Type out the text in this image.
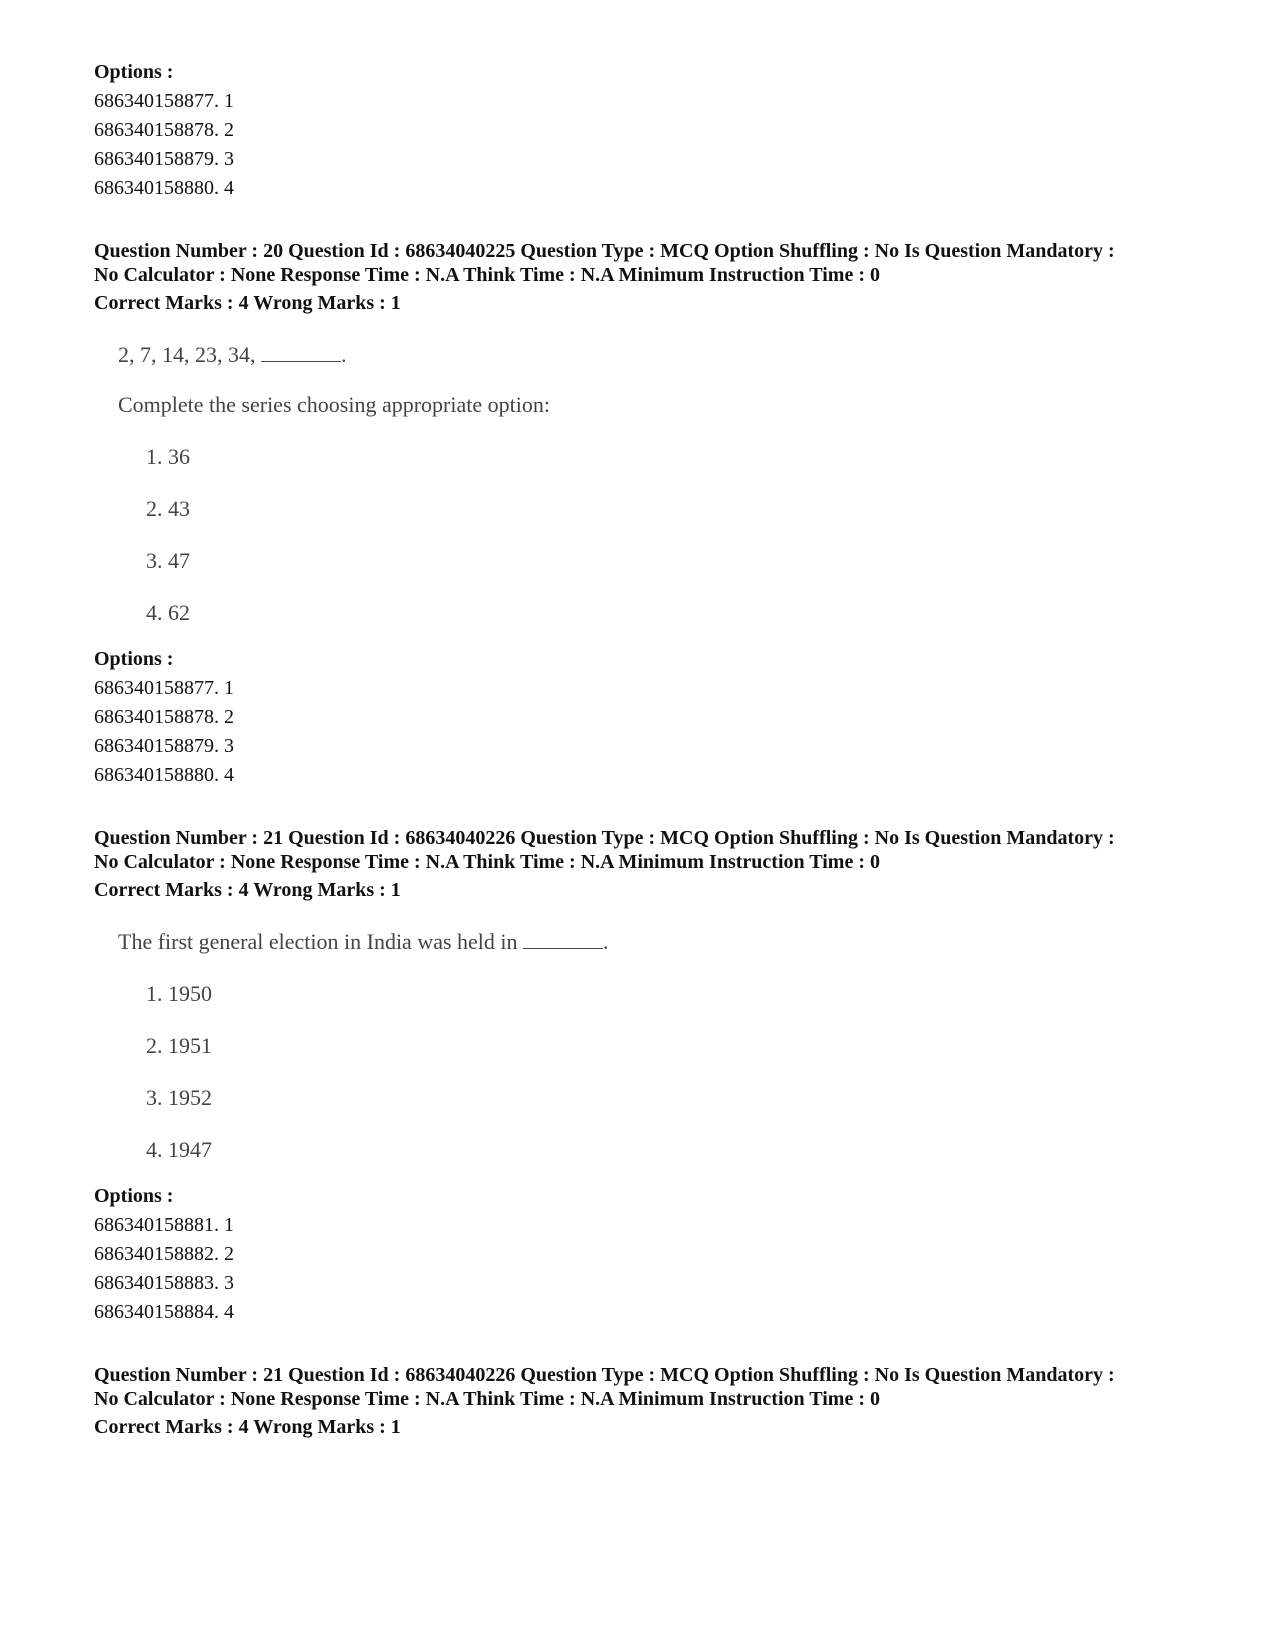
Options :
686340158877. 1
686340158878. 2
686340158879. 3
686340158880. 4
Question Number : 20 Question Id : 68634040225 Question Type : MCQ Option Shuffling : No Is Question Mandatory :
No Calculator : None Response Time : N.A Think Time : N.A Minimum Instruction Time : 0
Correct Marks : 4 Wrong Marks : 1
2, 7, 14, 23, 34,	.
Complete the series choosing appropriate option:
1. 36
2. 43
3. 47
4. 62
Options :
686340158877. 1
686340158878. 2
686340158879. 3
686340158880. 4
Question Number : 21 Question Id : 68634040226 Question Type : MCQ Option Shuffling : No Is Question Mandatory :
No Calculator : None Response Time : N.A Think Time : N.A Minimum Instruction Time : 0
Correct Marks : 4 Wrong Marks : 1
The first general election in India was held in	.
1. 1950
2. 1951
3. 1952
4. 1947
Options :
686340158881. 1
686340158882. 2
686340158883. 3
686340158884. 4
Question Number : 21 Question Id : 68634040226 Question Type : MCQ Option Shuffling : No Is Question Mandatory :
No Calculator : None Response Time : N.A Think Time : N.A Minimum Instruction Time : 0
Correct Marks : 4 Wrong Marks : 1
